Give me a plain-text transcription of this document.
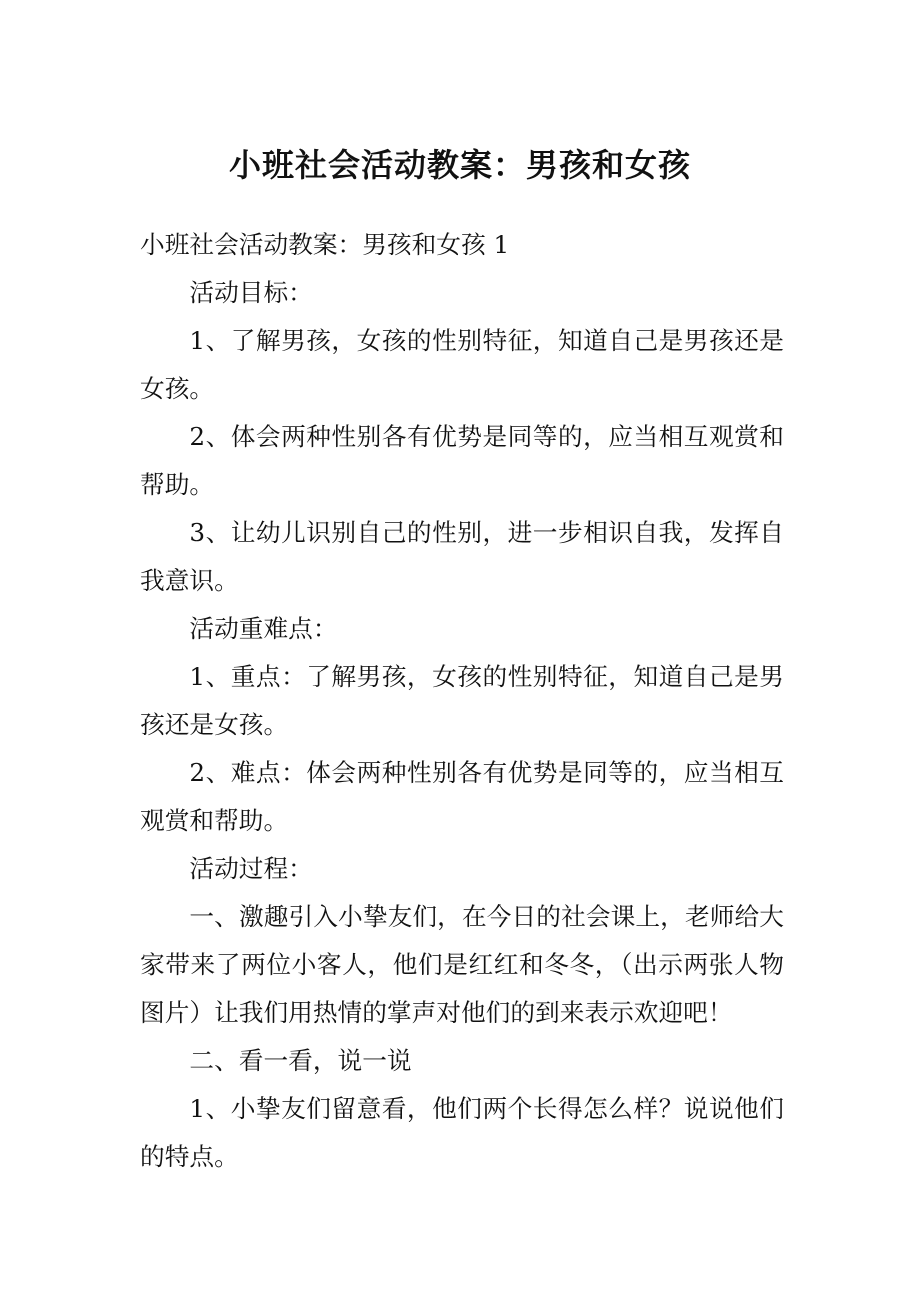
小班社会活动教案：男孩和女孩

小班社会活动教案：男孩和女孩 1

活动目标：

1、了解男孩，女孩的性别特征，知道自己是男孩还是女孩。

2、体会两种性别各有优势是同等的，应当相互观赏和帮助。

3、让幼儿识别自己的性别，进一步相识自我，发挥自我意识。

活动重难点：

1、重点：了解男孩，女孩的性别特征，知道自己是男孩还是女孩。

2、难点：体会两种性别各有优势是同等的，应当相互观赏和帮助。

活动过程：

一、激趣引入小挚友们，在今日的社会课上，老师给大家带来了两位小客人，他们是红红和冬冬，（出示两张人物图片）让我们用热情的掌声对他们的到来表示欢迎吧！

二、看一看，说一说

1、小挚友们留意看，他们两个长得怎么样？说说他们的特点。
